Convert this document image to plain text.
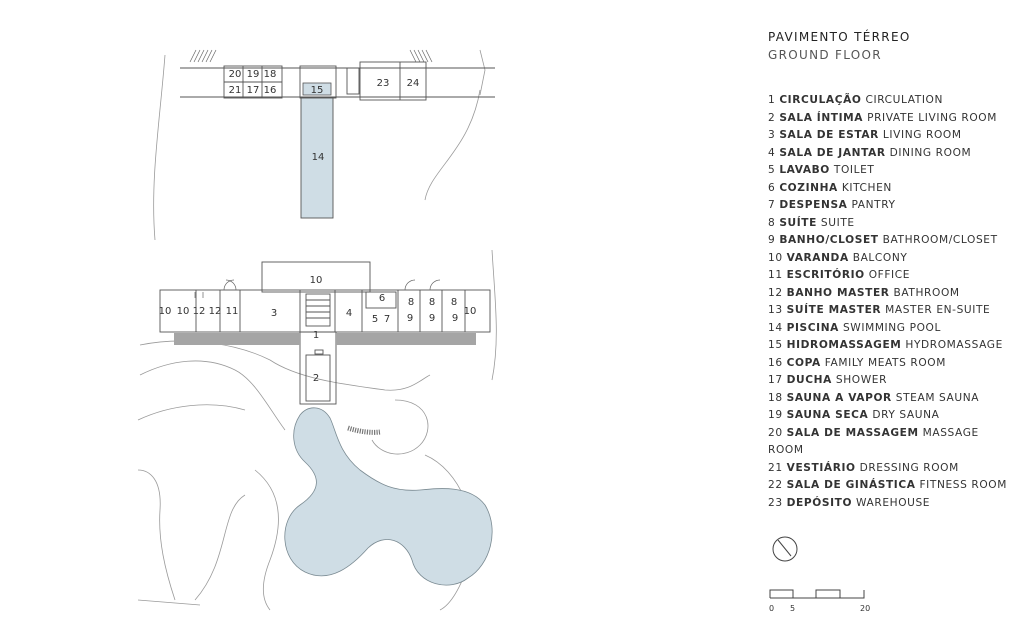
20 19 18
21 17 16	15
23 24
14
10
10 10 12 12 11	3	4
1
2
6
5 7
8 8 8
9 9 9
10
PAVIMENTO TÉRREO
GROUND FLOOR
1 CIRCULAÇÃO CIRCULATION
2 SALA ÍNTIMA PRIVATE LIVING ROOM
3 SALA DE ESTAR LIVING ROOM
4 SALA DE JANTAR DINING ROOM
5 LAVABO TOILET
6 COZINHA KITCHEN
7 DESPENSA PANTRY
8 SUÍTE SUITE
9 BANHO/CLOSET BATHROOM/CLOSET
10 VARANDA BALCONY
11 ESCRITÓRIO OFFICE
12 BANHO MASTER BATHROOM
13 SUÍTE MASTER MASTER EN-SUITE
14 PISCINA SWIMMING POOL
15 HIDROMASSAGEM HYDROMASSAGE
16 COPA FAMILY MEATS ROOM
17 DUCHA SHOWER
18 SAUNA A VAPOR STEAM SAUNA
19 SAUNA SECA DRY SAUNA
20 SALA DE MASSAGEM MASSAGE ROOM
21 VESTIÁRIO DRESSING ROOM
22 SALA DE GINÁSTICA FITNESS ROOM
23 DEPÓSITO WAREHOUSE
0 5	20
